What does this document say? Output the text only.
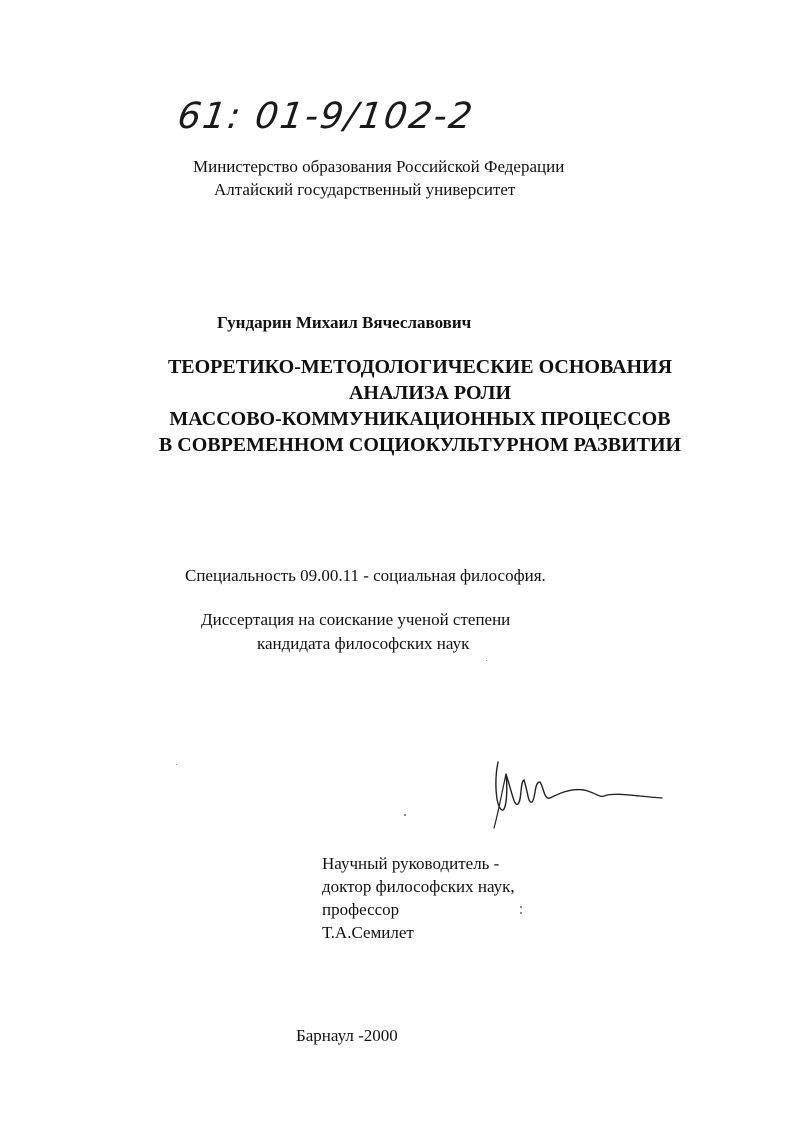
61: 01-9/102-2
Министерство образования Российской Федерации
Алтайский государственный университет
Гундарин Михаил Вячеславович
ТЕОРЕТИКО-МЕТОДОЛОГИЧЕСКИЕ ОСНОВАНИЯ
АНАЛИЗА РОЛИ
МАССОВО-КОММУНИКАЦИОННЫХ ПРОЦЕССОВ
В СОВРЕМЕННОМ СОЦИОКУЛЬТУРНОМ РАЗВИТИИ
Специальность 09.00.11 - социальная философия.
Диссертация на соискание ученой степени
кандидата философских наук
Научный руководитель -
доктор философских наук,
профессор
Т.А.Семилет
Барнаул -2000
